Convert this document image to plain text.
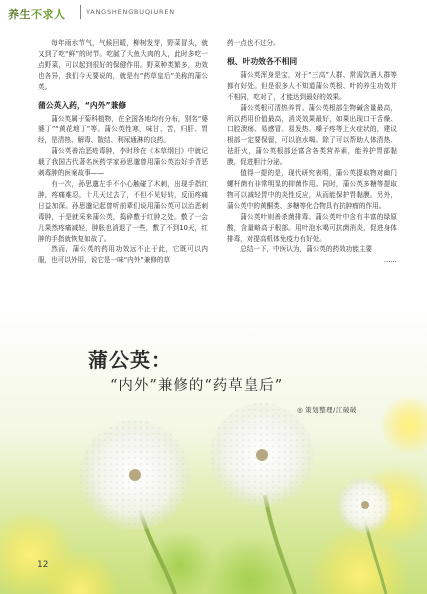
养生不求人	YANGSHENGBUQIUREN

每年雨水节气，气候回暖，柳树发芽，野菜冒头，就又到了吃“鲜”的时节。吃腻了大鱼大肉的人，此时多吃一点野菜，可以起到很好的保健作用。野菜种类繁多，功效也各异，我们今天要说的，就是有“药草皇后”美称的蒲公英。

蒲公英入药，“内外”兼修

蒲公英属于菊科植物，在全国各地均有分布，别名“婆婆丁”“黄花地丁”等。蒲公英性寒，味甘、苦，归肝、胃经，是清热、解毒、散结、利尿通淋的良药。

蒲公英善治恶疮毒肿，李时珍在《本草纲目》中就记载了我国古代著名医药学家孙思邈曾用蒲公英治好手背恶刺毒肿的医案故事——

有一次，孙思邈左手不小心触碰了木刺，出现手指红肿，疼痛难忍，十几天过去了，不但不见好转，反而疼痛日益加深。孙思邈记起曾听前辈们说用蒲公英可以治恶刺毒肿，于是就采来蒲公英，捣碎敷于红肿之处。敷了一会儿果然疼痛减轻，肿胀也消退了一些，敷了不到10天，红肿的手指就恢复如故了。

然而，蒲公英的药用功效远不止于此，它既可以内服，也可以外用，说它是一味“内外”兼修的草

药一点也不过分。

根、叶功效各不相同

蒲公英浑身是宝，对于“三高”人群、常需饮酒人群等都有好处。但是很多人不知道蒲公英根、叶的养生功效并不相同，吃对了，才能达到最好的效果。

蒲公英根可清热养胃。蒲公英根部生物碱含量最高，所以药用价值最高，消炎效果最好，如果出现口干舌燥、口腔溃疡、易感冒、易发热、嗓子疼等上火症状的，建议根部一定要保留，可以泡水喝。除了可以帮助人体清热、祛肝火，蒲公英根部还富含各类营养素，能养护胃部黏膜，促进胆汁分泌。

值得一提的是，现代研究表明，蒲公英提取物对幽门螺杆菌有非常明显的抑菌作用。同时，蒲公英多糖等提取物可以减轻胃中的炎性反应，从而能保护胃黏膜。另外，蒲公英中的黄酮类、多糖等化合物具有抗肿瘤的作用。

蒲公英叶则善杀菌排毒。蒲公英叶中含有丰富的绿原酸，含量略高于根部。用叶泡水喝可抗菌消炎，促进身体排毒，对提高机体免疫力有好处。

总结一下，中医认为，蒲公英的药效功能主要

……

蒲公英：
“内外”兼修的“药草皇后”
◎ 策划整理/江破破
12
